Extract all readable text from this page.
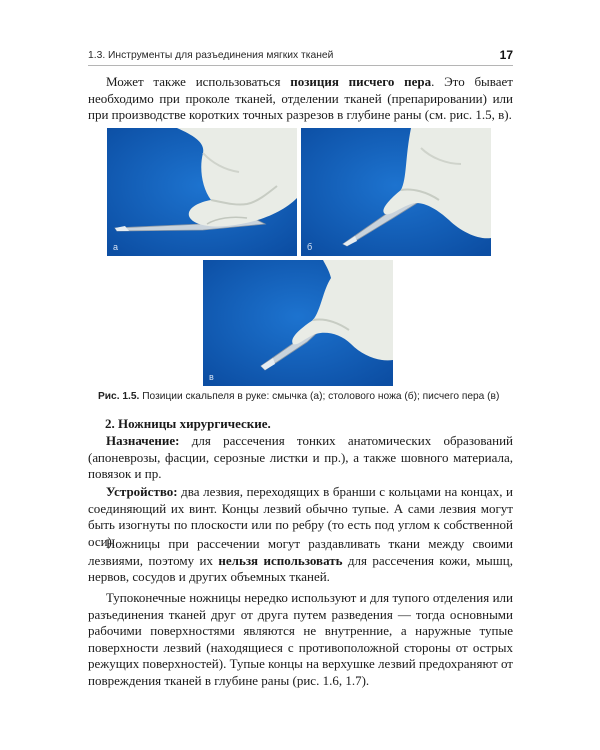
1.3. Инструменты для разъединения мягких тканей	17

Может также использоваться позиция писчего пера. Это бывает необходимо при проколе тканей, отделении тканей (препарировании) или при производстве коротких точных разрезов в глубине раны (см. рис. 1.5, в).

а	б
в
Рис. 1.5. Позиции скальпеля в руке: смычка (а); столового ножа (б); писчего пера (в)
2. Ножницы хирургические.

Назначение: для рассечения тонких анатомических образований (апоневрозы, фасции, серозные листки и пр.), а также шовного материала, повязок и пр.

Устройство: два лезвия, переходящих в бранши с кольцами на концах, и соединяющий их винт. Концы лезвий обычно тупые. А сами лезвия могут быть изогнуты по плоскости или по ребру (то есть под углом к собственной оси).

Ножницы при рассечении могут раздавливать ткани между своими лезвиями, поэтому их нельзя использовать для рассечения кожи, мышц, нервов, сосудов и других объемных тканей.

Тупоконечные ножницы нередко используют и для тупого отделения или разъединения тканей друг от друга путем разведения — тогда основными рабочими поверхностями являются не внутренние, а наружные тупые поверхности лезвий (находящиеся с противоположной стороны от острых режущих поверхностей). Тупые концы на верхушке лезвий предохраняют от повреждения тканей в глубине раны (рис. 1.6, 1.7).
